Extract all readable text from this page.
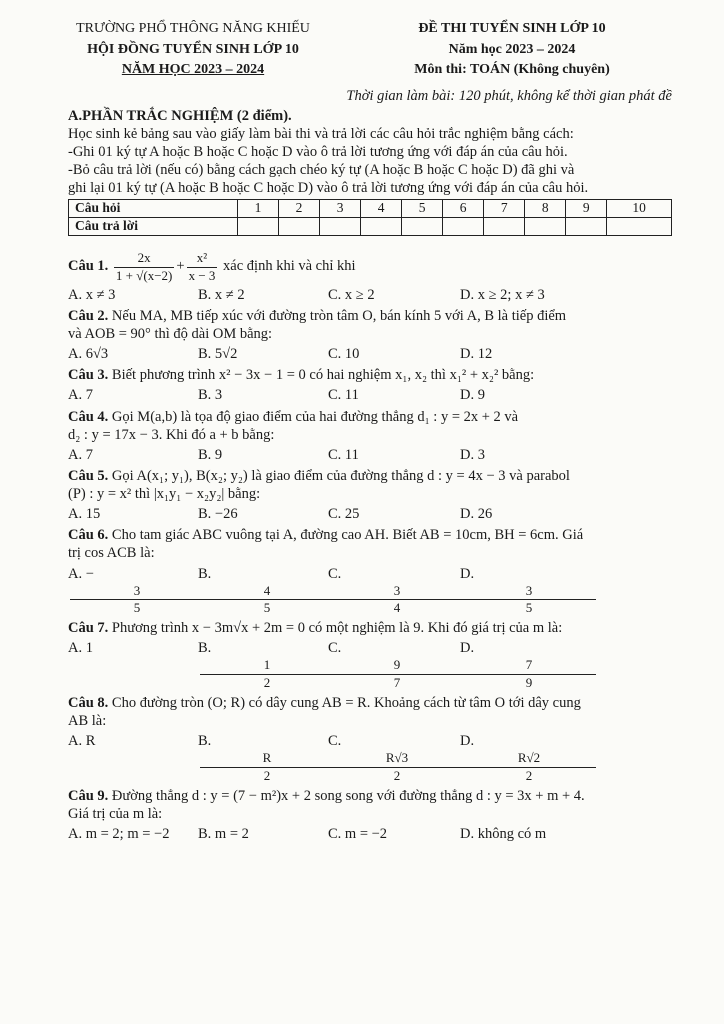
TRƯỜNG PHỔ THÔNG NĂNG KHIẾU
HỘI ĐỒNG TUYỂN SINH LỚP 10
NĂM HỌC 2023 – 2024
ĐỀ THI TUYỂN SINH LỚP 10
Năm học 2023 – 2024
Môn thi: TOÁN (Không chuyên)
Thời gian làm bài: 120 phút, không kể thời gian phát đề
A.PHẦN TRẮC NGHIỆM (2 điểm).
Học sinh kẻ bảng sau vào giấy làm bài thi và trả lời các câu hỏi trắc nghiệm bằng cách:
-Ghi 01 ký tự A hoặc B hoặc C hoặc D vào ô trả lời tương ứng với đáp án của câu hỏi.
-Bỏ câu trả lời (nếu có) bằng cách gạch chéo ký tự (A hoặc B hoặc C hoặc D) đã ghi và
ghi lại 01 ký tự (A hoặc B hoặc C hoặc D) vào ô trả lời tương ứng với đáp án của câu hỏi.
Câu hỏi	1	2	3	4	5	6	7	8	9	10
Câu trả lời										
Câu 1. $\frac{2x}{1 + √(x-2)} + \frac{\text{x²}}{x - 3}$ xác định khi và chỉ khi
A. x ≠ 3	B. x ≠ 2	C. x ≥ 2	D. x ≥ 2; x ≠ 3
Câu 2. Nếu MA, MB tiếp xúc với đường tròn tâm O, bán kính 5 với A, B là tiếp điểm
và AOB = 90° thì độ dài OM bằng:
A. 6√3	B. 5√2	C. 10	D. 12
Câu 3. Biết phương trình x² − 3x − 1 = 0 có hai nghiệm x₁, x₂ thì x₁² + x₂² bằng:
A. 7	B. 3	C. 11	D. 9
Câu 4. Gọi M(a,b) là tọa độ giao điểm của hai đường thẳng d₁ : y = 2x + 2 và
d₂ : y = 17x − 3. Khi đó a + b bằng:
A. 7	B. 9	C. 11	D. 3
Câu 5. Gọi A(x₁; y₁), B(x₂; y₂) là giao điểm của đường thẳng d : y = 4x − 3 và parabol
(P) : y = x² thì |x₁y₁ − x₂y₂| bằng:
A. 15	B. −26	C. 25	D. 26
Câu 6. Cho tam giác ABC vuông tại A, đường cao AH. Biết AB = 10cm, BH = 6cm. Giá
trị cos ACB là:
A. −
$\frac{3}{5}$
B.
$\frac{4}{5}$
C.
$\frac{3}{4}$
D.
$\frac{3}{5}$
Câu 7. Phương trình x − 3m√x + 2m = 0 có một nghiệm là 9. Khi đó giá trị của m là:
A. 1	B.
$\frac{1}{2}$
C.
$\frac{9}{7}$
D.
$\frac{7}{9}$
Câu 8. Cho đường tròn (O; R) có dây cung AB = R. Khoảng cách từ tâm O tới dây cung
AB là:
A. R	B.
$\frac{R}{2}$
C.
$\frac{R√3}{2}$
D.
$\frac{R√2}{2}$
Câu 9. Đường thẳng d : y = (7 − m²)x + 2 song song với đường thẳng d : y = 3x + m + 4.
Giá trị của m là:
A. m = 2; m = −2	B. m = 2	C. m = −2	D. không có m
